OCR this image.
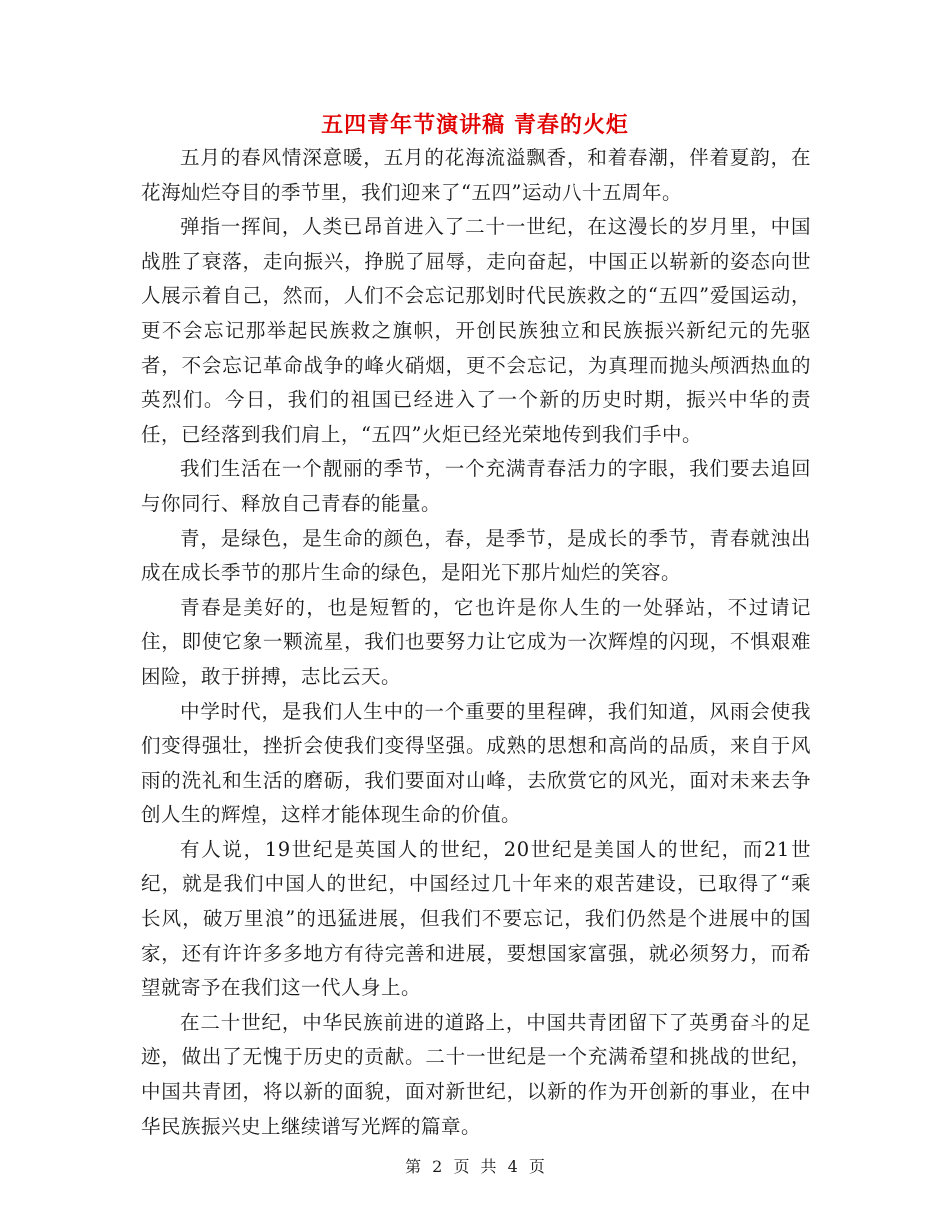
五四青年节演讲稿 青春的火炬

五月的春风情深意暖，五月的花海流溢飘香，和着春潮，伴着夏韵，在花海灿烂夺目的季节里，我们迎来了“五四”运动八十五周年。

弹指一挥间，人类已昂首进入了二十一世纪，在这漫长的岁月里，中国战胜了衰落，走向振兴，挣脱了屈辱，走向奋起，中国正以崭新的姿态向世人展示着自己，然而，人们不会忘记那划时代民族救之的“五四”爱国运动，更不会忘记那举起民族救之旗帜，开创民族独立和民族振兴新纪元的先驱者，不会忘记革命战争的峰火硝烟，更不会忘记，为真理而抛头颅洒热血的英烈们。今日，我们的祖国已经进入了一个新的历史时期，振兴中华的责任，已经落到我们肩上，“五四”火炬已经光荣地传到我们手中。

我们生活在一个靓丽的季节，一个充满青春活力的字眼，我们要去追回与你同行、释放自己青春的能量。

青，是绿色，是生命的颜色，春，是季节，是成长的季节，青春就浊出成在成长季节的那片生命的绿色，是阳光下那片灿烂的笑容。

青春是美好的，也是短暂的，它也许是你人生的一处驿站，不过请记住，即使它象一颗流星，我们也要努力让它成为一次辉煌的闪现，不惧艰难困险，敢于拼搏，志比云天。

中学时代，是我们人生中的一个重要的里程碑，我们知道，风雨会使我们变得强壮，挫折会使我们变得坚强。成熟的思想和高尚的品质，来自于风雨的洗礼和生活的磨砺，我们要面对山峰，去欣赏它的风光，面对未来去争创人生的辉煌，这样才能体现生命的价值。

有人说，19世纪是英国人的世纪，20世纪是美国人的世纪，而21世纪，就是我们中国人的世纪，中国经过几十年来的艰苦建设，已取得了“乘长风，破万里浪”的迅猛进展，但我们不要忘记，我们仍然是个进展中的国家，还有许许多多地方有待完善和进展，要想国家富强，就必须努力，而希望就寄予在我们这一代人身上。

在二十世纪，中华民族前进的道路上，中国共青团留下了英勇奋斗的足迹，做出了无愧于历史的贡献。二十一世纪是一个充满希望和挑战的世纪，中国共青团，将以新的面貌，面对新世纪，以新的作为开创新的事业，在中华民族振兴史上继续谱写光辉的篇章。

第 2 页 共 4 页
